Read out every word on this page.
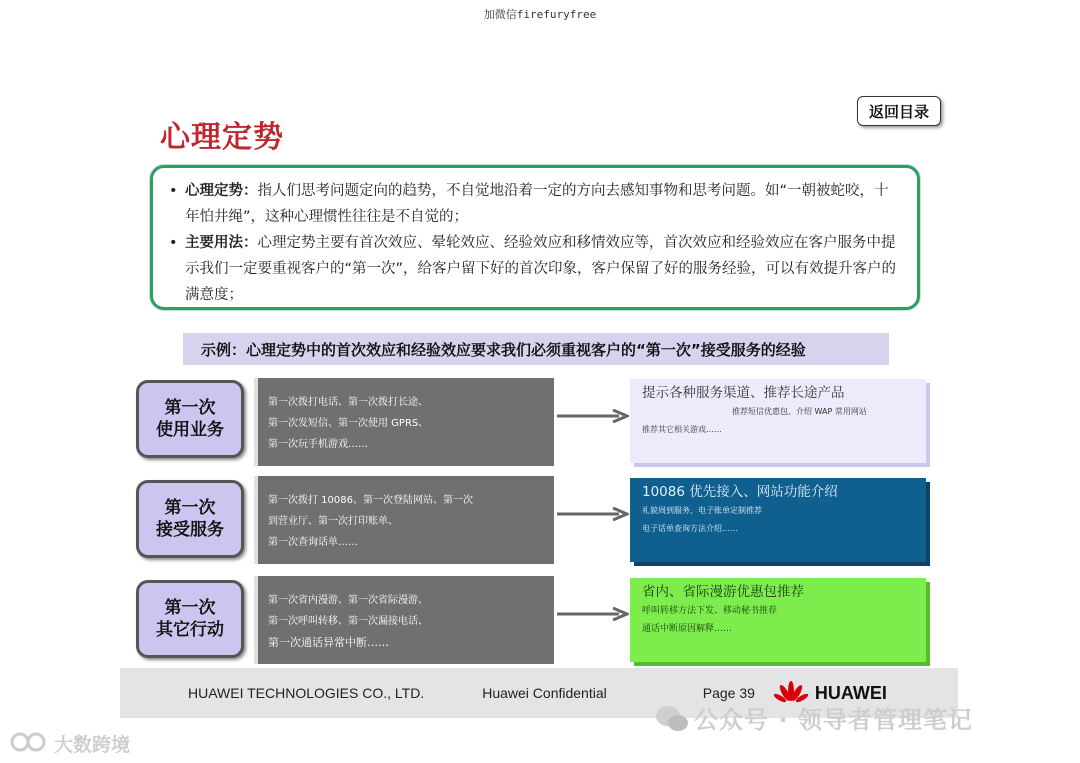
加微信firefuryfree
返回目录
心理定势

• 心理定势：指人们思考问题定向的趋势，不自觉地沿着一定的方向去感知事物和思考问题。如“一朝被蛇咬，十年怕井绳”，这种心理惯性往往是不自觉的；

• 主要用法：心理定势主要有首次效应、晕轮效应、经验效应和移情效应等，首次效应和经验效应在客户服务中提示我们一定要重视客户的“第一次”，给客户留下好的首次印象，客户保留了好的服务经验，可以有效提升客户的满意度；

示例：心理定势中的首次效应和经验效应要求我们必须重视客户的“第一次”接受服务的经验
第一次
使用业务
第一次拨打电话、第一次拨打长途、
第一次发短信、第一次使用 GPRS、
第一次玩手机游戏……
提示各种服务渠道、推荐长途产品
推荐短信优惠包、介绍 WAP 常用网站
推荐其它相关游戏……
第一次
接受服务
第一次拨打 10086、第一次登陆网站、第一次
到营业厅、第一次打印账单、
第一次查询话单……
10086 优先接入、网站功能介绍
礼貌周到服务、电子账单定制推荐
电子话单查询方法介绍……
第一次
其它行动
第一次省内漫游、第一次省际漫游、
第一次呼叫转移、第一次漏接电话、
第一次通话异常中断……
省内、省际漫游优惠包推荐
呼叫转移方法下发、移动秘书推荐
通话中断原因解释……
HUAWEI TECHNOLOGIES CO., LTD.	Huawei Confidential	Page 39	HUAWEI
公众号 · 领导者管理笔记
大数跨境
